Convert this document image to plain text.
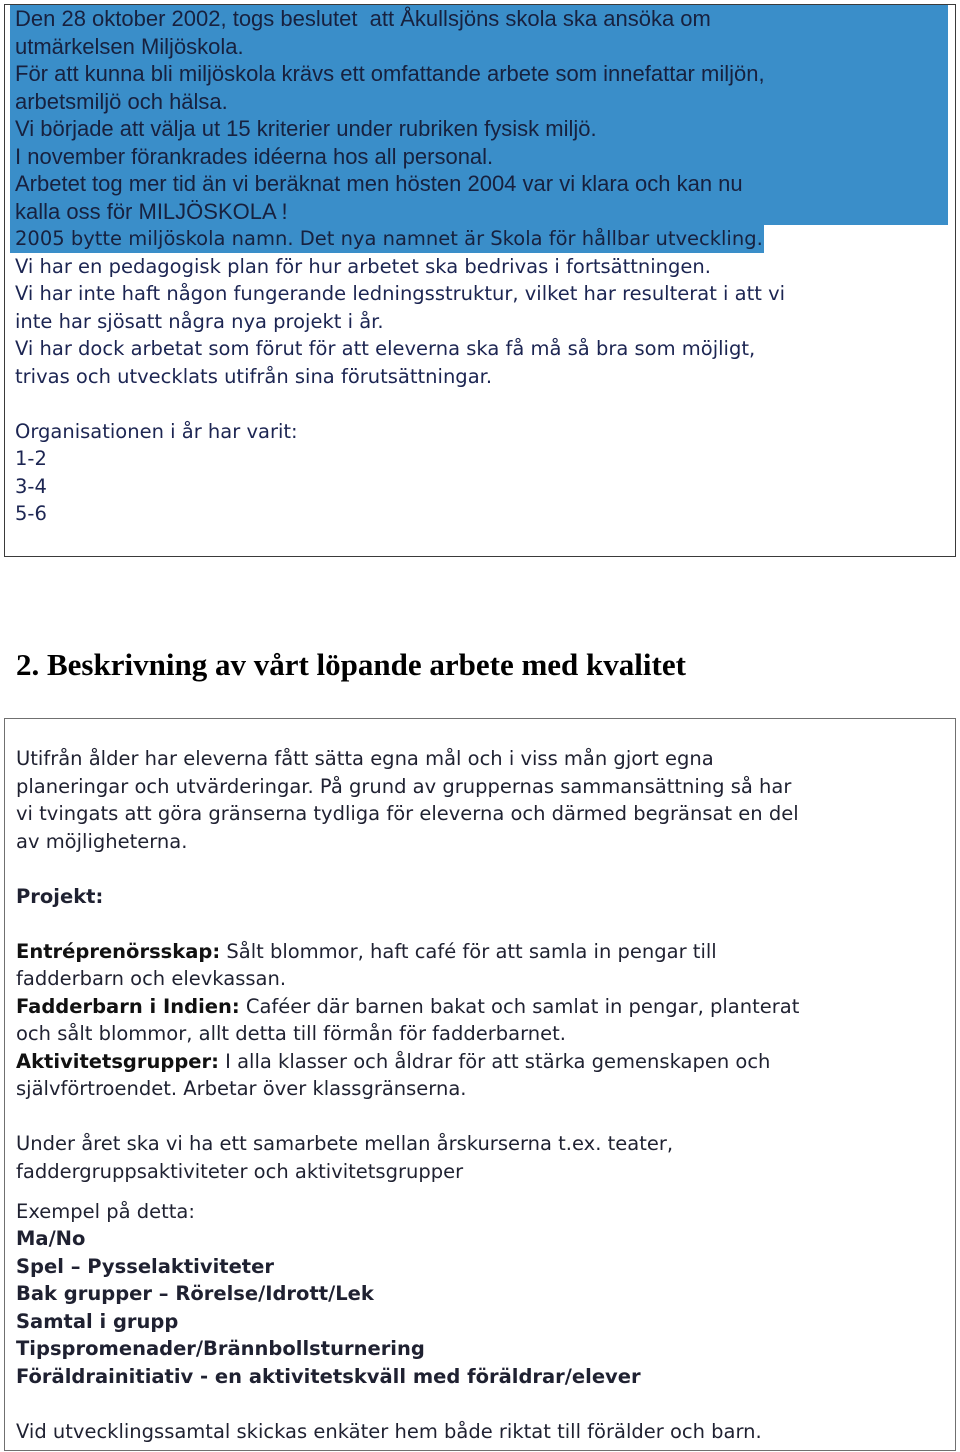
Den 28 oktober 2002, togs beslutet  att Åkullsjöns skola ska ansöka om
utmärkelsen Miljöskola.
För att kunna bli miljöskola krävs ett omfattande arbete som innefattar miljön,
arbetsmiljö och hälsa.
Vi började att välja ut 15 kriterier under rubriken fysisk miljö.
I november förankrades idéerna hos all personal.
Arbetet tog mer tid än vi beräknat men hösten 2004 var vi klara och kan nu
kalla oss för MILJÖSKOLA !
2005 bytte miljöskola namn. Det nya namnet är Skola för hållbar utveckling.
Vi har en pedagogisk plan för hur arbetet ska bedrivas i fortsättningen.
Vi har inte haft någon fungerande ledningsstruktur, vilket har resulterat i att vi
inte har sjösatt några nya projekt i år.
Vi har dock arbetat som förut för att eleverna ska få må så bra som möjligt,
trivas och utvecklats utifrån sina förutsättningar.
Organisationen i år har varit:
1-2
3-4
5-6
2. Beskrivning av vårt löpande arbete med kvalitet
Utifrån ålder har eleverna fått sätta egna mål och i viss mån gjort egna
planeringar och utvärderingar. På grund av gruppernas sammansättning så har
vi tvingats att göra gränserna tydliga för eleverna och därmed begränsat en del
av möjligheterna.
Projekt:
Entréprenörsskap: Sålt blommor, haft café för att samla in pengar till
fadderbarn och elevkassan.
Fadderbarn i Indien: Caféer där barnen bakat och samlat in pengar, planterat
och sålt blommor, allt detta till förmån för fadderbarnet.
Aktivitetsgrupper: I alla klasser och åldrar för att stärka gemenskapen och
självförtroendet. Arbetar över klassgränserna.
Under året ska vi ha ett samarbete mellan årskurserna t.ex. teater,
faddergruppsaktiviteter och aktivitetsgrupper
Exempel på detta:
Ma/No
Spel – Pysselaktiviteter
Bak grupper – Rörelse/Idrott/Lek
Samtal i grupp
Tipspromenader/Brännbollsturnering
Föräldrainitiativ - en aktivitetskväll med föräldrar/elever
Vid utvecklingssamtal skickas enkäter hem både riktat till förälder och barn.
